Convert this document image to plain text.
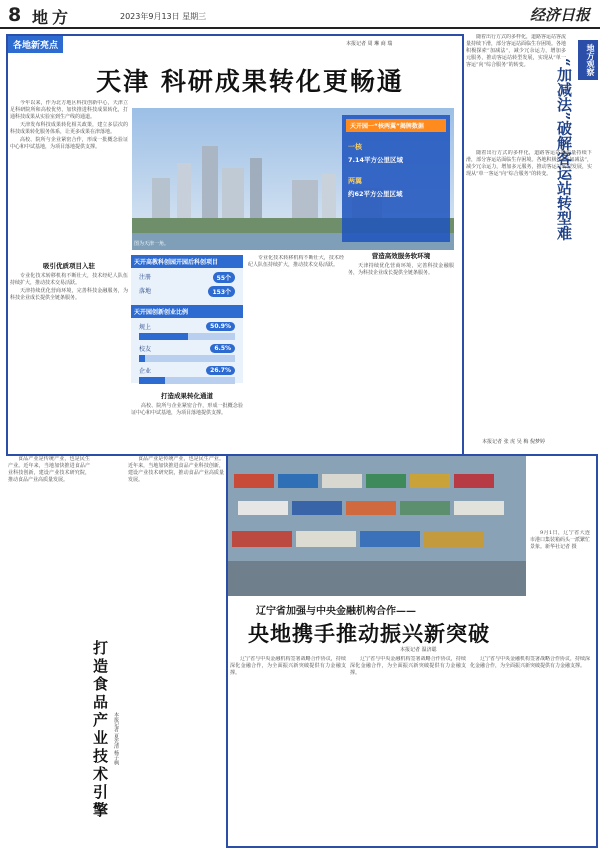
8 地方	2023年9月13日 星期三	经济日报
各地新亮点	本报记者 周 琳 商 瑞
天津 科研成果转化更畅通
图为天津一角。
天开园一“核两翼”揭牌数据
一核
7.14平方公里区域
两翼
约62平方公里区域

今年以来，作为北方地区科技创新中心，天津立足科研院所和高校优势，加快推进科技成果转化，打通科技成果从实验室到生产线的通道。

天津发布科技成果转化相关政策，建立多层次的科技成果转化服务体系，让更多成果在津落地。

高校、院所与企业紧密合作，形成一批概念验证中心和中试基地，为项目落地提供支撑。

天开高教科创园开园后科创项目
注册	55个
落地	153个
天开园创新创业比例
规上	50.9%
校友	6.5%
企业	26.7%
吸引优质项目入驻

专业化技术转移机构不断壮大，技术经纪人队伍持续扩大，推动技术交易活跃。

天津持续优化营商环境，完善科技金融服务，为科技企业成长提供全链条服务。

打造成果转化通道

高校、院所与企业紧密合作，形成一批概念验证中心和中试基地，为项目落地提供支撑。

专业化技术转移机构不断壮大，技术经纪人队伍持续扩大，推动技术交易活跃。

营造高效服务软环境

天津持续优化营商环境，完善科技金融服务，为科技企业成长提供全链条服务。

随着出行方式的多样化，道路客运站客流量持续下滑，部分客运站面临生存困境。各地积极探索“加减法”，减少冗余运力，增加多元服务，推动客运站转型发展，实现从“单一客运”向“综合服务”的转变。	地方观察
“加减法”破解客运站转型难

随着出行方式的多样化，道路客运站客流量持续下滑，部分客运站面临生存困境。各地积极探索“加减法”，减少冗余运力，增加多元服务，推动客运站转型发展，实现从“单一客运”向“综合服务”的转变。

本报记者 张 虎 吴 梅 倪梦婷

9月1日，辽宁省大连市港口集装箱码头一派繁忙景象。新华社记者 摄

辽宁省加强与中央金融机构合作——
央地携手推动振兴新突破
本报记者 温济聪

辽宁省与中央金融机构签署战略合作协议，持续深化金融合作，为全面振兴新突破提供有力金融支撑。

辽宁省与中央金融机构签署战略合作协议，持续深化金融合作，为全面振兴新突破提供有力金融支撑。

辽宁省与中央金融机构签署战略合作协议，持续深化金融合作，为全面振兴新突破提供有力金融支撑。

食品产业是传统产业，也是民生产业。近年来，当地加快推进食品产业科技创新，建设产业技术研究院，推动食品产业高质量发展。

打造食品产业技术引擎 本报记者 夏先清 杨子枫

食品产业是传统产业，也是民生产业。近年来，当地加快推进食品产业科技创新，建设产业技术研究院，推动食品产业高质量发展。
